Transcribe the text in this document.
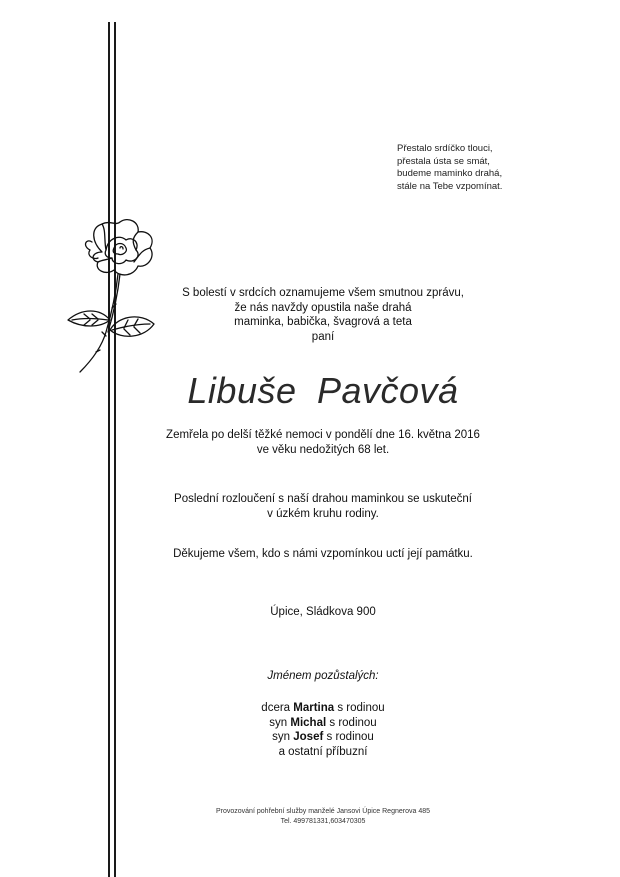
Přestalo srdíčko tlouci,
přestala ústa se smát,
budeme maminko drahá,
stále na Tebe vzpomínat.
S bolestí v srdcích oznamujeme všem smutnou zprávu,
že nás navždy opustila naše drahá
maminka, babička, švagrová a teta
paní
Libuše Pavčová
Zemřela po delší těžké nemoci v pondělí dne 16. května 2016
ve věku nedožitých 68 let.
Poslední rozloučení s naší drahou maminkou se uskuteční
v úzkém kruhu rodiny.
Děkujeme všem, kdo s námi vzpomínkou uctí její památku.
Úpice, Sládkova 900
Jménem pozůstalých:
dcera Martina s rodinou
syn Michal s rodinou
syn Josef s rodinou
a ostatní příbuzní
Provozování pohřební služby manželé Jansovi Úpice Regnerova 485
Tel. 499781331,603470305
